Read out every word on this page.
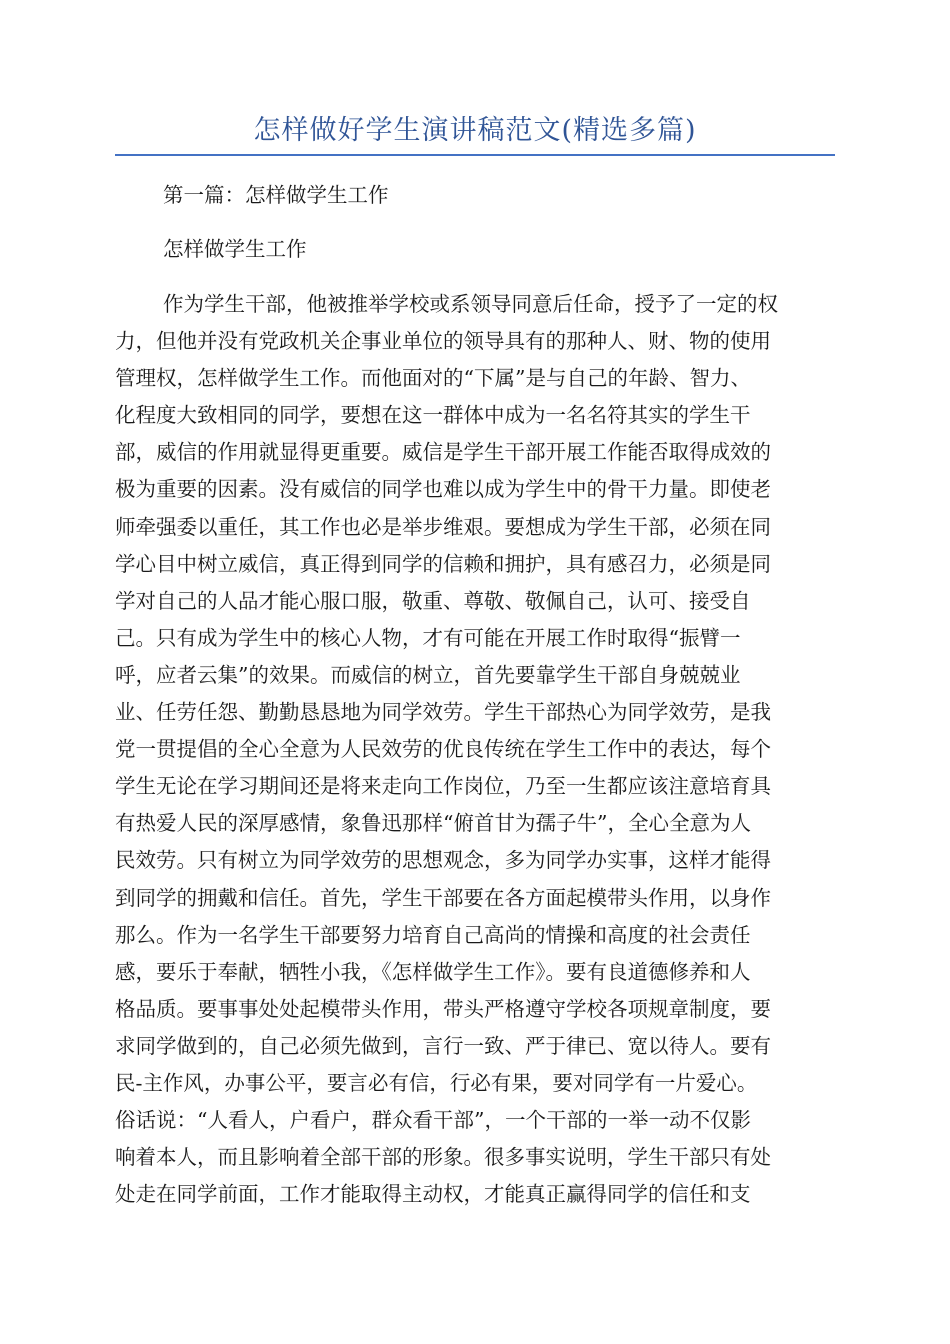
怎样做好学生演讲稿范文(精选多篇)
第一篇：怎样做学生工作
怎样做学生工作
作为学生干部，他被推举学校或系领导同意后任命，授予了一定的权
力，但他并没有党政机关企事业单位的领导具有的那种人、财、物的使用
管理权，怎样做学生工作。而他面对的“下属”是与自己的年龄、智力、
化程度大致相同的同学，要想在这一群体中成为一名名符其实的学生干
部，威信的作用就显得更重要。威信是学生干部开展工作能否取得成效的
极为重要的因素。没有威信的同学也难以成为学生中的骨干力量。即使老
师牵强委以重任，其工作也必是举步维艰。要想成为学生干部，必须在同
学心目中树立威信，真正得到同学的信赖和拥护，具有感召力，必须是同
学对自己的人品才能心服口服，敬重、尊敬、敬佩自己，认可、接受自
己。只有成为学生中的核心人物，才有可能在开展工作时取得“振臂一
呼，应者云集”的效果。而威信的树立，首先要靠学生干部自身兢兢业
业、任劳任怨、勤勤恳恳地为同学效劳。学生干部热心为同学效劳，是我
党一贯提倡的全心全意为人民效劳的优良传统在学生工作中的表达，每个
学生无论在学习期间还是将来走向工作岗位，乃至一生都应该注意培育具
有热爱人民的深厚感情，象鲁迅那样“俯首甘为孺子牛”，全心全意为人
民效劳。只有树立为同学效劳的思想观念，多为同学办实事，这样才能得
到同学的拥戴和信任。首先，学生干部要在各方面起模带头作用，以身作
那么。作为一名学生干部要努力培育自己高尚的情操和高度的社会责任
感，要乐于奉献，牺牲小我，《怎样做学生工作》。要有良道德修养和人
格品质。要事事处处起模带头作用，带头严格遵守学校各项规章制度，要
求同学做到的，自己必须先做到，言行一致、严于律已、宽以待人。要有
民-主作风，办事公平，要言必有信，行必有果，要对同学有一片爱心。
俗话说：“人看人，户看户，群众看干部”，一个干部的一举一动不仅影
响着本人，而且影响着全部干部的形象。很多事实说明，学生干部只有处
处走在同学前面，工作才能取得主动权，才能真正赢得同学的信任和支
